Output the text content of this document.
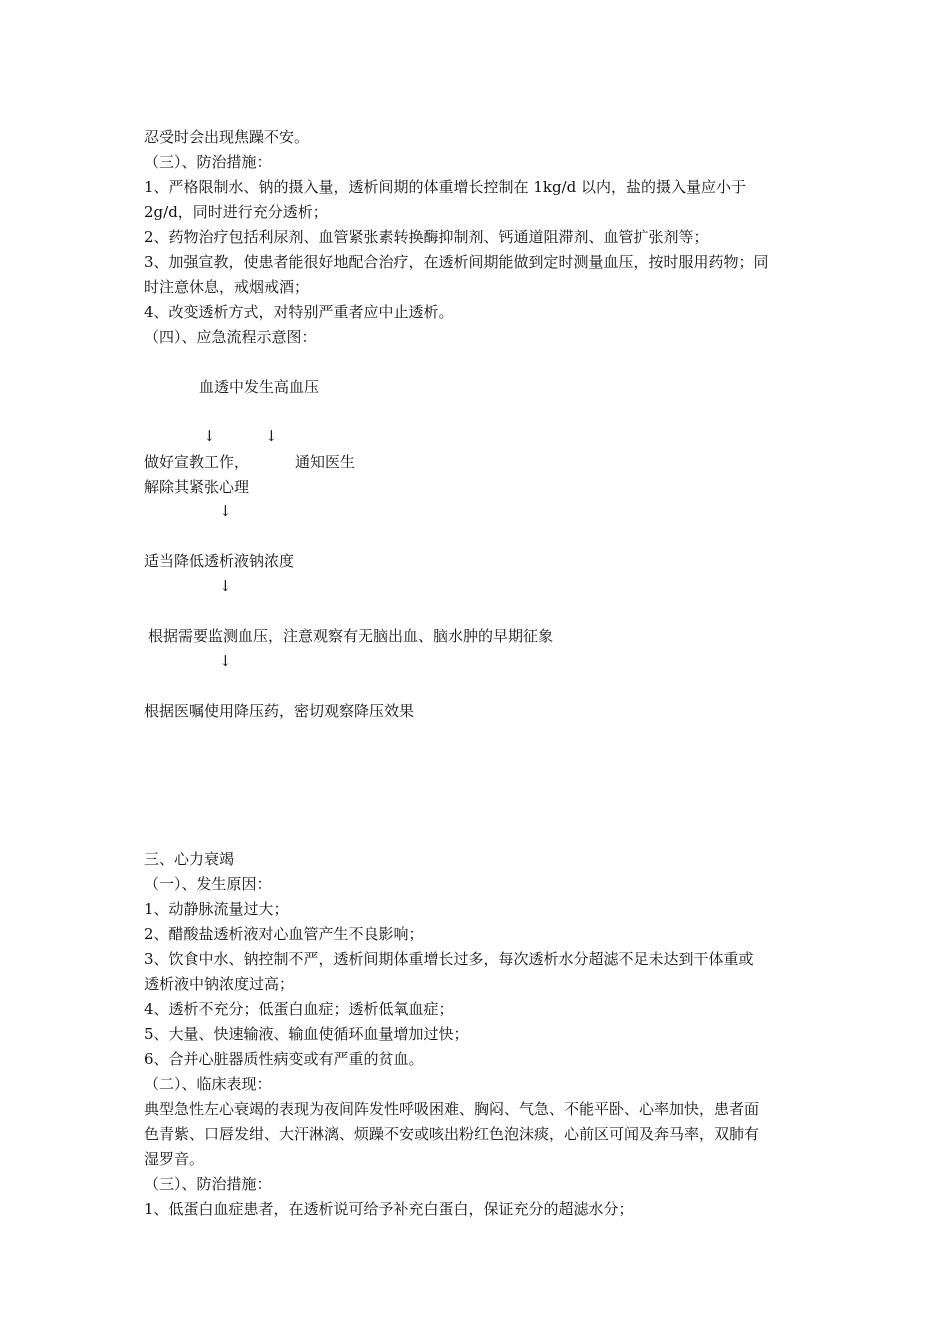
忍受时会出现焦躁不安。
（三）、防治措施：
1、严格限制水、钠的摄入量，透析间期的体重增长控制在 1kg/d 以内，盐的摄入量应小于
2g/d，同时进行充分透析；
2、药物治疗包括利尿剂、血管紧张素转换酶抑制剂、钙通道阻滞剂、血管扩张剂等；
3、加强宣教，使患者能很好地配合治疗，在透析间期能做到定时测量血压，按时服用药物；同
时注意休息，戒烟戒酒；
4、改变透析方式，对特别严重者应中止透析。
（四）、应急流程示意图：
血透中发生高血压
↓	↓
做好宣教工作，	通知医生
解除其紧张心理
↓
适当降低透析液钠浓度
↓
根据需要监测血压，注意观察有无脑出血、脑水肿的早期征象
↓
根据医嘱使用降压药，密切观察降压效果
三、心力衰竭
（一）、发生原因：
1、动静脉流量过大；
2、醋酸盐透析液对心血管产生不良影响；
3、饮食中水、钠控制不严，透析间期体重增长过多，每次透析水分超滤不足未达到干体重或
透析液中钠浓度过高；
4、透析不充分；低蛋白血症；透析低氧血症；
5、大量、快速输液、输血使循环血量增加过快；
6、合并心脏器质性病变或有严重的贫血。
（二）、临床表现：
典型急性左心衰竭的表现为夜间阵发性呼吸困难、胸闷、气急、不能平卧、心率加快，患者面
色青紫、口唇发绀、大汗淋漓、烦躁不安或咳出粉红色泡沫痰，心前区可闻及奔马率，双肺有
湿罗音。
（三）、防治措施：
1、低蛋白血症患者，在透析说可给予补充白蛋白，保证充分的超滤水分；
